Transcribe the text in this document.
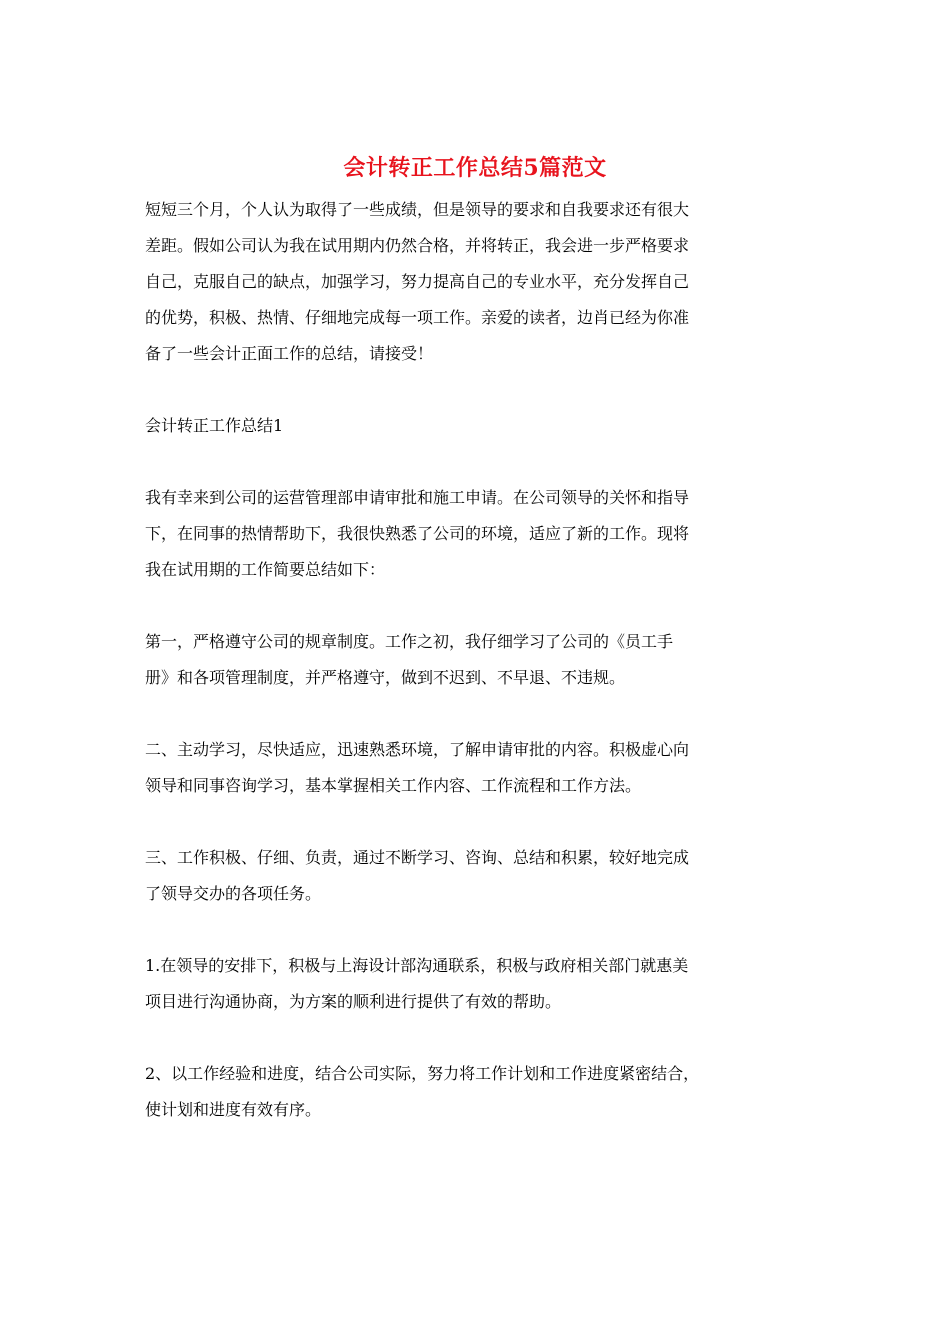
会计转正工作总结5篇范文

短短三个月，个人认为取得了一些成绩，但是领导的要求和自我要求还有很大
差距。假如公司认为我在试用期内仍然合格，并将转正，我会进一步严格要求
自己，克服自己的缺点，加强学习，努力提高自己的专业水平，充分发挥自己
的优势，积极、热情、仔细地完成每一项工作。亲爱的读者，边肖已经为你准
备了一些会计正面工作的总结，请接受！

会计转正工作总结1

我有幸来到公司的运营管理部申请审批和施工申请。在公司领导的关怀和指导
下，在同事的热情帮助下，我很快熟悉了公司的环境，适应了新的工作。现将
我在试用期的工作简要总结如下：

第一，严格遵守公司的规章制度。工作之初，我仔细学习了公司的《员工手
册》和各项管理制度，并严格遵守，做到不迟到、不早退、不违规。

二、主动学习，尽快适应，迅速熟悉环境，了解申请审批的内容。积极虚心向
领导和同事咨询学习，基本掌握相关工作内容、工作流程和工作方法。

三、工作积极、仔细、负责，通过不断学习、咨询、总结和积累，较好地完成
了领导交办的各项任务。

1.在领导的安排下，积极与上海设计部沟通联系，积极与政府相关部门就惠美
项目进行沟通协商，为方案的顺利进行提供了有效的帮助。

2、以工作经验和进度，结合公司实际，努力将工作计划和工作进度紧密结合，
使计划和进度有效有序。
